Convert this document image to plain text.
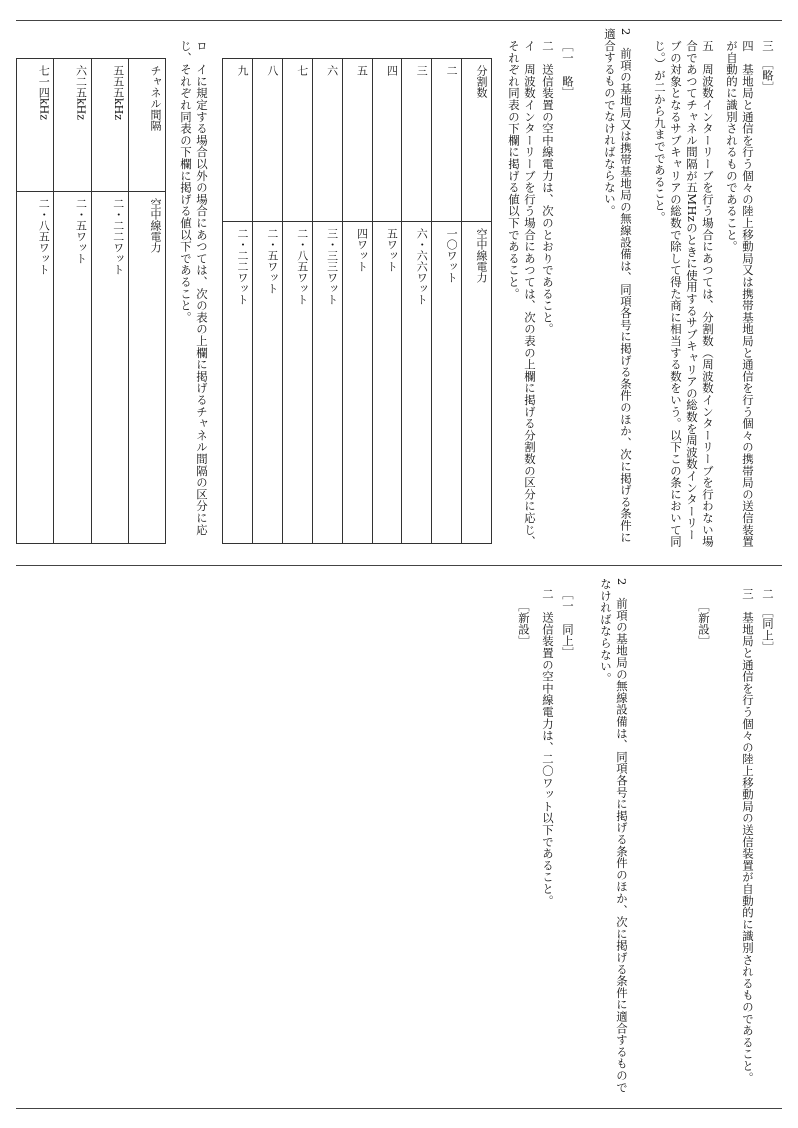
三　［略］
四　基地局と通信を行う個々の陸上移動局又は携帯基地局と通信を行う個々の携帯局の送信装置が自動的に識別されるものであること。
五　周波数インターリーブを行う場合にあつては、分割数（周波数インターリーブを行わない場合であつてチャネル間隔が五MHzのときに使用するサブキャリアの総数を周波数インターリーブの対象となるサブキャリアの総数で除して得た商に相当する数をいう。以下この条において同じ。）が二から九までであること。
2　前項の基地局又は携帯基地局の無線設備は、同項各号に掲げる条件のほか、次に掲げる条件に適合するものでなければならない。
［一　略］
二　送信装置の空中線電力は、次のとおりであること。
イ　周波数インターリーブを行う場合にあつては、次の表の上欄に掲げる分割数の区分に応じ、それぞれ同表の下欄に掲げる値以下であること。
分割数	空中線電力
二	一〇ワット
三	六・六六ワット
四	五ワット
五	四ワット
六	三・三三ワット
七	二・八五ワット
八	二・五ワット
九	二・二二ワット
ロ　イに規定する場合以外の場合にあつては、次の表の上欄に掲げるチャネル間隔の区分に応じ、それぞれ同表の下欄に掲げる値以下であること。
チャネル間隔	空中線電力
五五五kHz	二・二二ワット
六二五kHz	二・五ワット
七一四kHz	二・八五ワット
二　［同上］
三　基地局と通信を行う個々の陸上移動局の送信装置が自動的に識別されるものであること。
［新設］
2　前項の基地局の無線設備は、同項各号に掲げる条件のほか、次に掲げる条件に適合するものでなければならない。
［一　同上］
二　送信装置の空中線電力は、二〇ワット以下であること。
［新設］
